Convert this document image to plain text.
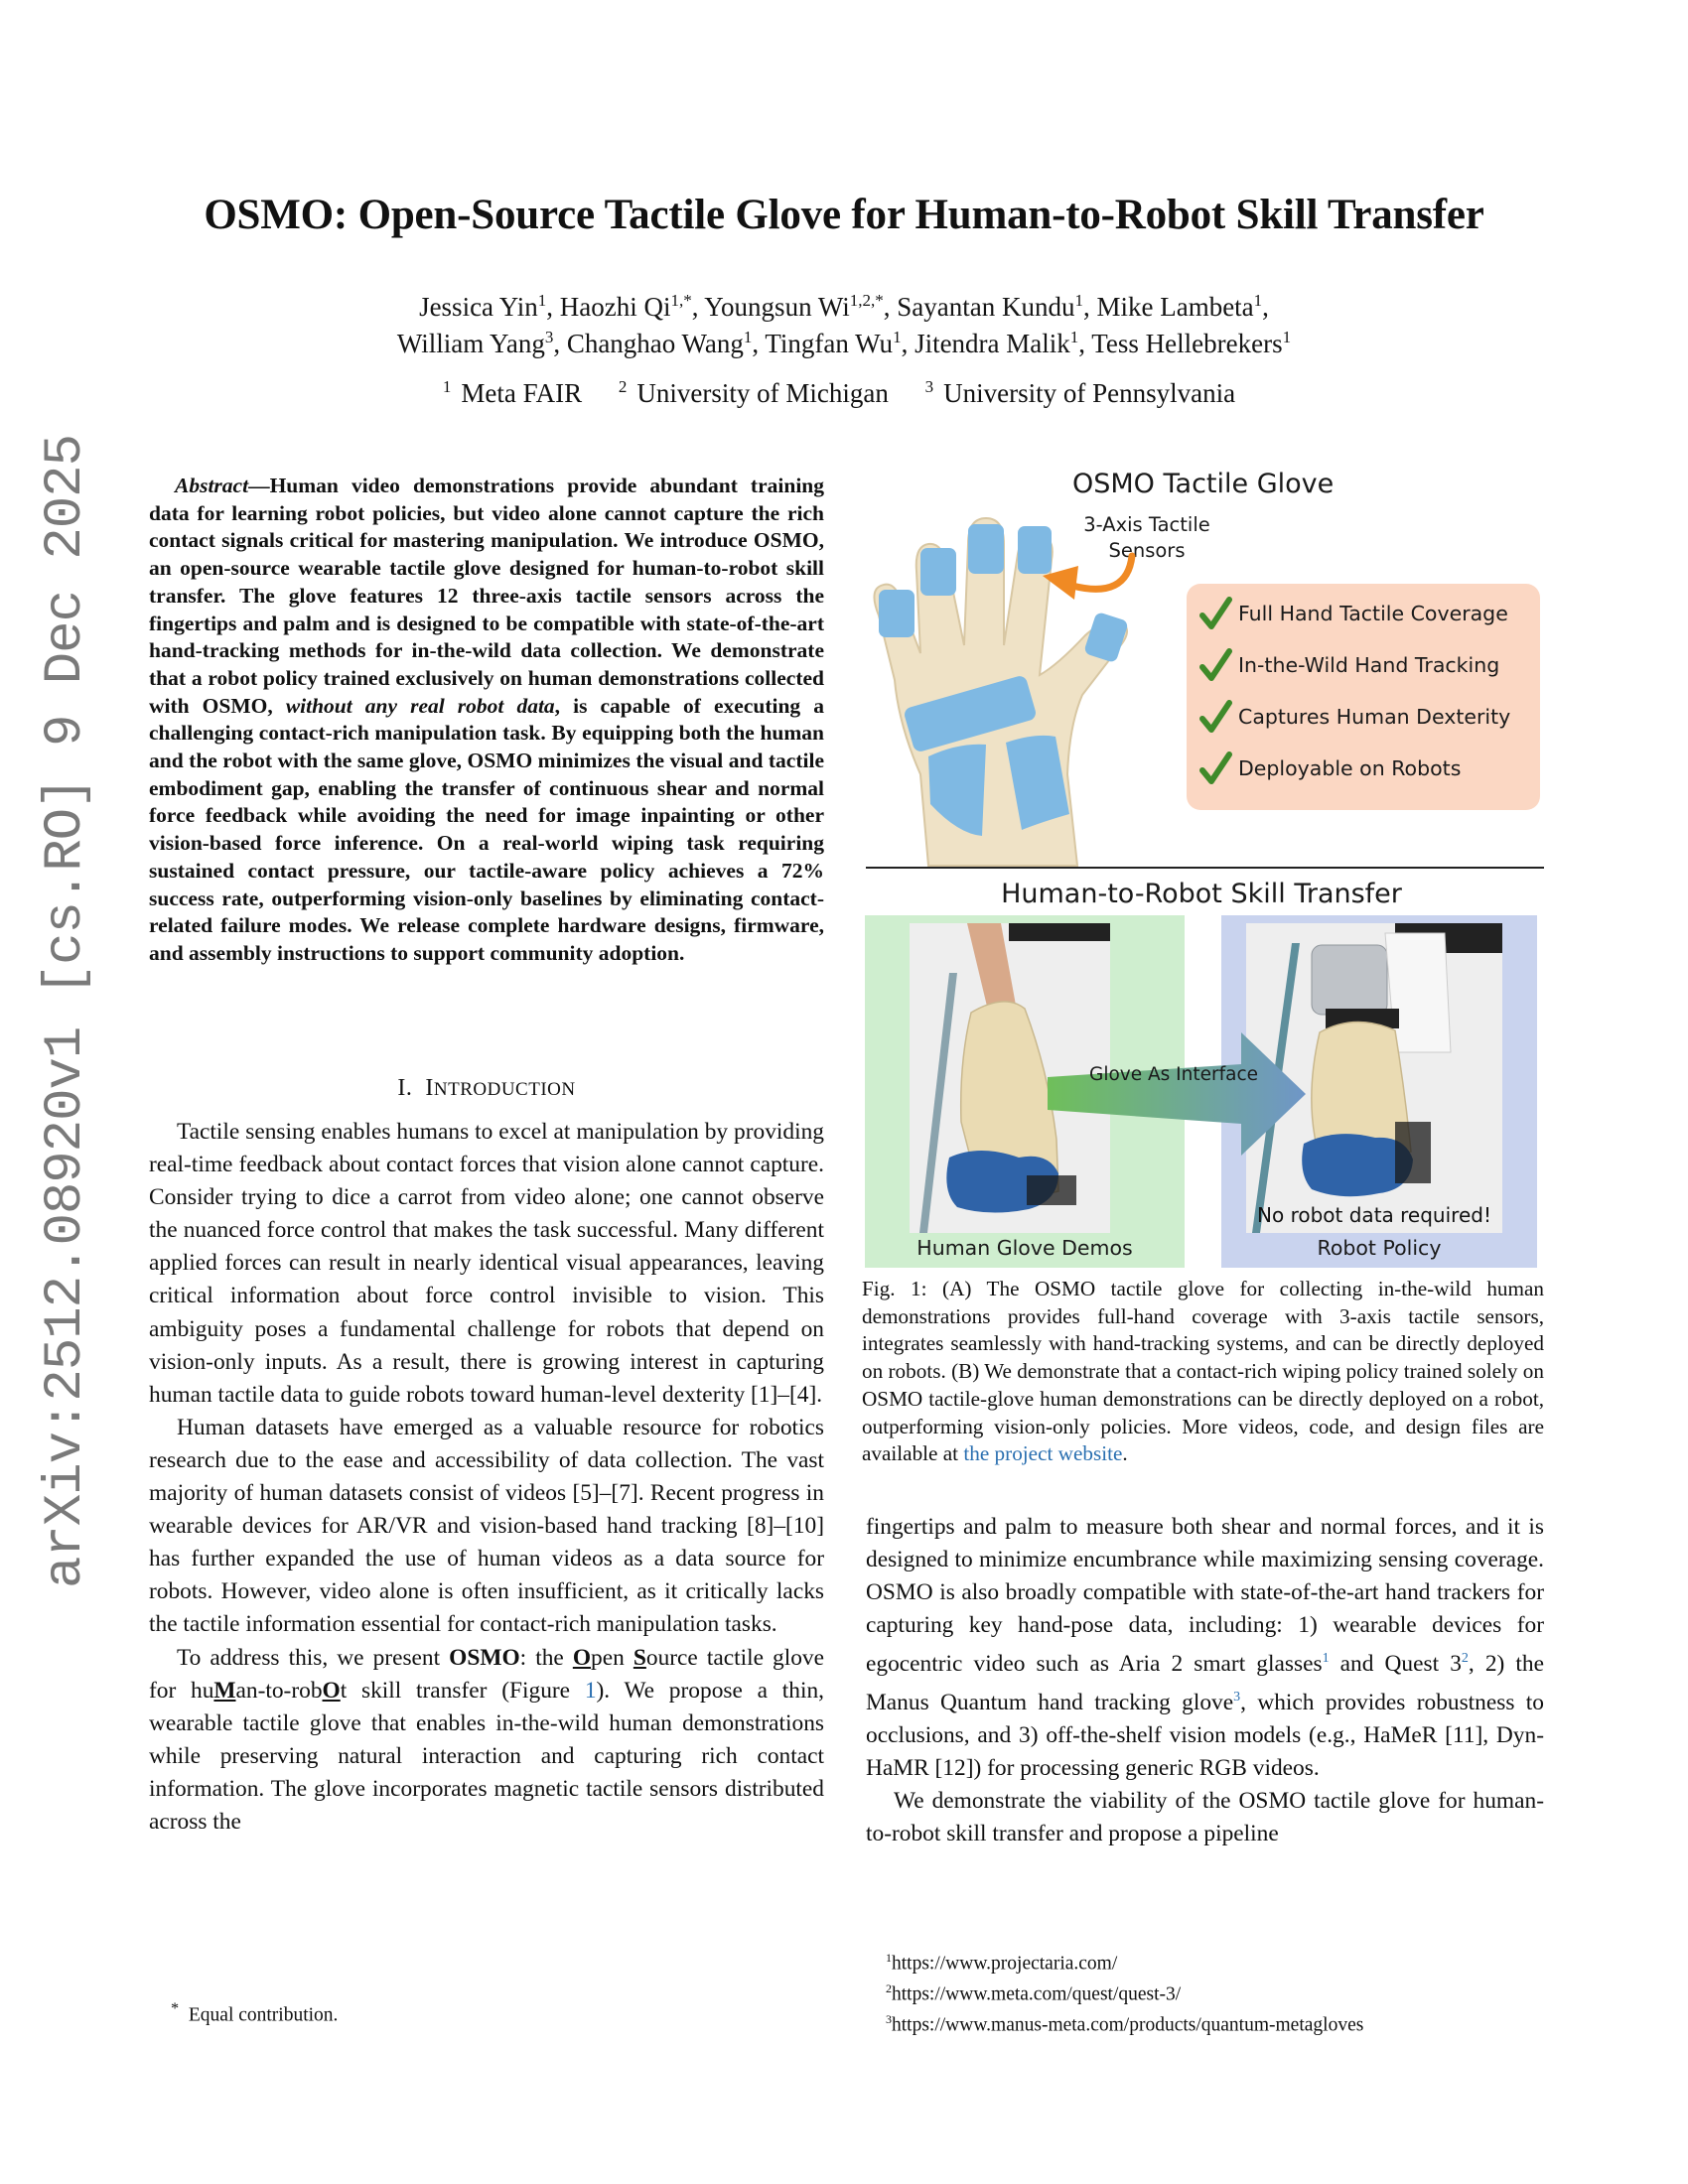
arXiv:2512.08920v1 [cs.RO] 9 Dec 2025
OSMO: Open-Source Tactile Glove for Human-to-Robot Skill Transfer
Jessica Yin$^1$, Haozhi $Qi^{1,*}$, Youngsun $Wi^{1,2,*}$, Sayantan Kundu$^1$, Mike Lambeta$^1$,
William Yang$^3$, Changhao Wang$^1$, Tingfan Wu$^1$, Jitendra Malik$^1$, Tess Hellebrekers$^1$
$^1$ Meta FAIR $^2$ University of Michigan $^3$ University of Pennsylvania
Abstract—Human video demonstrations provide abundant training data for learning robot policies, but video alone cannot capture the rich contact signals critical for mastering manipulation. We introduce OSMO, an open-source wearable tactile glove designed for human-to-robot skill transfer. The glove features 12 three-axis tactile sensors across the fingertips and palm and is designed to be compatible with state-of-the-art hand-tracking methods for in-the-wild data collection. We demonstrate that a robot policy trained exclusively on human demonstrations collected with OSMO, without any real robot data, is capable of executing a challenging contact-rich manipulation task. By equipping both the human and the robot with the same glove, OSMO minimizes the visual and tactile embodiment gap, enabling the transfer of continuous shear and normal force feedback while avoiding the need for image inpainting or other vision-based force inference. On a real-world wiping task requiring sustained contact pressure, our tactile-aware policy achieves a 72% success rate, outperforming vision-only baselines by eliminating contact-related failure modes. We release complete hardware designs, firmware, and assembly instructions to support community adoption.
I. INTRODUCTION

Tactile sensing enables humans to excel at manipulation by providing real-time feedback about contact forces that vision alone cannot capture. Consider trying to dice a carrot from video alone; one cannot observe the nuanced force control that makes the task successful. Many different applied forces can result in nearly identical visual appearances, leaving critical information about force control invisible to vision. This ambiguity poses a fundamental challenge for robots that depend on vision-only inputs. As a result, there is growing interest in capturing human tactile data to guide robots toward human-level dexterity [1]–[4].

Human datasets have emerged as a valuable resource for robotics research due to the ease and accessibility of data collection. The vast majority of human datasets consist of videos [5]–[7]. Recent progress in wearable devices for AR/VR and vision-based hand tracking [8]–[10] has further expanded the use of human videos as a data source for robots. However, video alone is often insufficient, as it critically lacks the tactile information essential for contact-rich manipulation tasks.

To address this, we present OSMO: the Open Source tactile glove for huMan-to-robOt skill transfer (Figure 1). We propose a thin, wearable tactile glove that enables in-the-wild human demonstrations while preserving natural interaction and capturing rich contact information. The glove incorporates magnetic tactile sensors distributed across the

* Equal contribution.
OSMO Tactile Glove
3-Axis Tactile
Sensors
Full Hand Tactile Coverage
In-the-Wild Hand Tracking
Captures Human Dexterity
Deployable on Robots
Human-to-Robot Skill Transfer
Human Glove Demos
No robot data required!
Robot Policy
Glove As Interface
Fig. 1: (A) The OSMO tactile glove for collecting in-the-wild human demonstrations provides full-hand coverage with 3-axis tactile sensors, integrates seamlessly with hand-tracking systems, and can be directly deployed on robots. (B) We demonstrate that a contact-rich wiping policy trained solely on OSMO tactile-glove human demonstrations can be directly deployed on a robot, outperforming vision-only policies. More videos, code, and design files are available at the project website.

fingertips and palm to measure both shear and normal forces, and it is designed to minimize encumbrance while maximizing sensing coverage. OSMO is also broadly compatible with state-of-the-art hand trackers for capturing key hand-pose data, including: 1) wearable devices for egocentric video such as Aria 2 smart glasses$^1$ and Quest $3^2$, 2) the Manus Quantum hand tracking glove$^3$, which provides robustness to occlusions, and 3) off-the-shelf vision models (e.g., HaMeR [11], Dyn-HaMR [12]) for processing generic RGB videos.

We demonstrate the viability of the OSMO tactile glove for human-to-robot skill transfer and propose a pipeline

$^1$https://www.projectaria.com/
$^2$https://www.meta.com/quest/quest-3/
$^3$https://www.manus-meta.com/products/quantum-metagloves
